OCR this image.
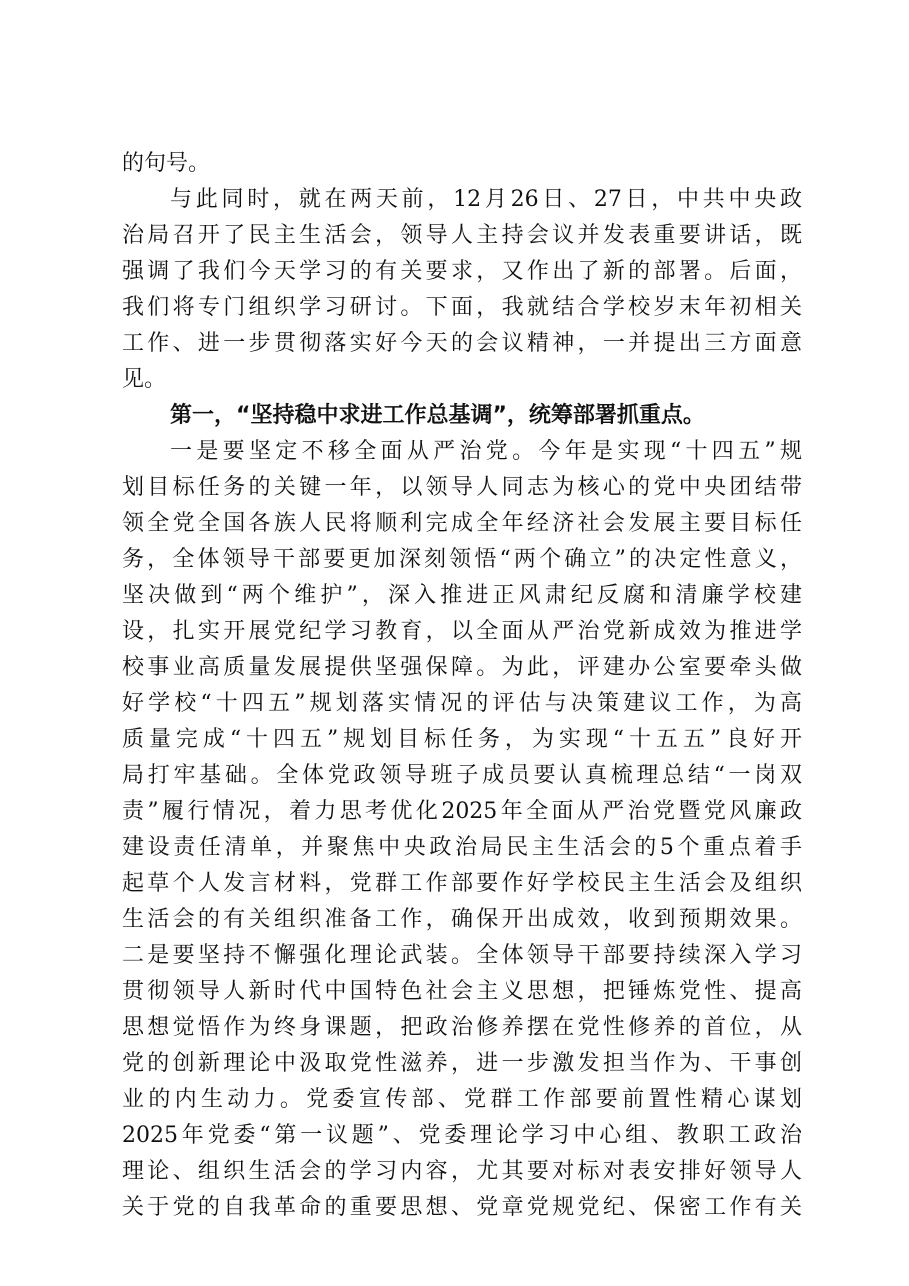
的句号。
与此同时，就在两天前，12月26日、27日，中共中央政
治局召开了民主生活会，领导人主持会议并发表重要讲话，既
强调了我们今天学习的有关要求，又作出了新的部署。后面，
我们将专门组织学习研讨。下面，我就结合学校岁末年初相关
工作、进一步贯彻落实好今天的会议精神，一并提出三方面意
见。
第一，“坚持稳中求进工作总基调”，统筹部署抓重点。
一是要坚定不移全面从严治党。今年是实现“十四五”规
划目标任务的关键一年，以领导人同志为核心的党中央团结带
领全党全国各族人民将顺利完成全年经济社会发展主要目标任
务，全体领导干部要更加深刻领悟“两个确立”的决定性意义，
坚决做到“两个维护”，深入推进正风肃纪反腐和清廉学校建
设，扎实开展党纪学习教育，以全面从严治党新成效为推进学
校事业高质量发展提供坚强保障。为此，评建办公室要牵头做
好学校“十四五”规划落实情况的评估与决策建议工作，为高
质量完成“十四五”规划目标任务，为实现“十五五”良好开
局打牢基础。全体党政领导班子成员要认真梳理总结“一岗双
责”履行情况，着力思考优化2025年全面从严治党暨党风廉政
建设责任清单，并聚焦中央政治局民主生活会的5个重点着手
起草个人发言材料，党群工作部要作好学校民主生活会及组织
生活会的有关组织准备工作，确保开出成效，收到预期效果。
二是要坚持不懈强化理论武装。全体领导干部要持续深入学习
贯彻领导人新时代中国特色社会主义思想，把锤炼党性、提高
思想觉悟作为终身课题，把政治修养摆在党性修养的首位，从
党的创新理论中汲取党性滋养，进一步激发担当作为、干事创
业的内生动力。党委宣传部、党群工作部要前置性精心谋划
2025年党委“第一议题”、党委理论学习中心组、教职工政治
理论、组织生活会的学习内容，尤其要对标对表安排好领导人
关于党的自我革命的重要思想、党章党规党纪、保密工作有关
